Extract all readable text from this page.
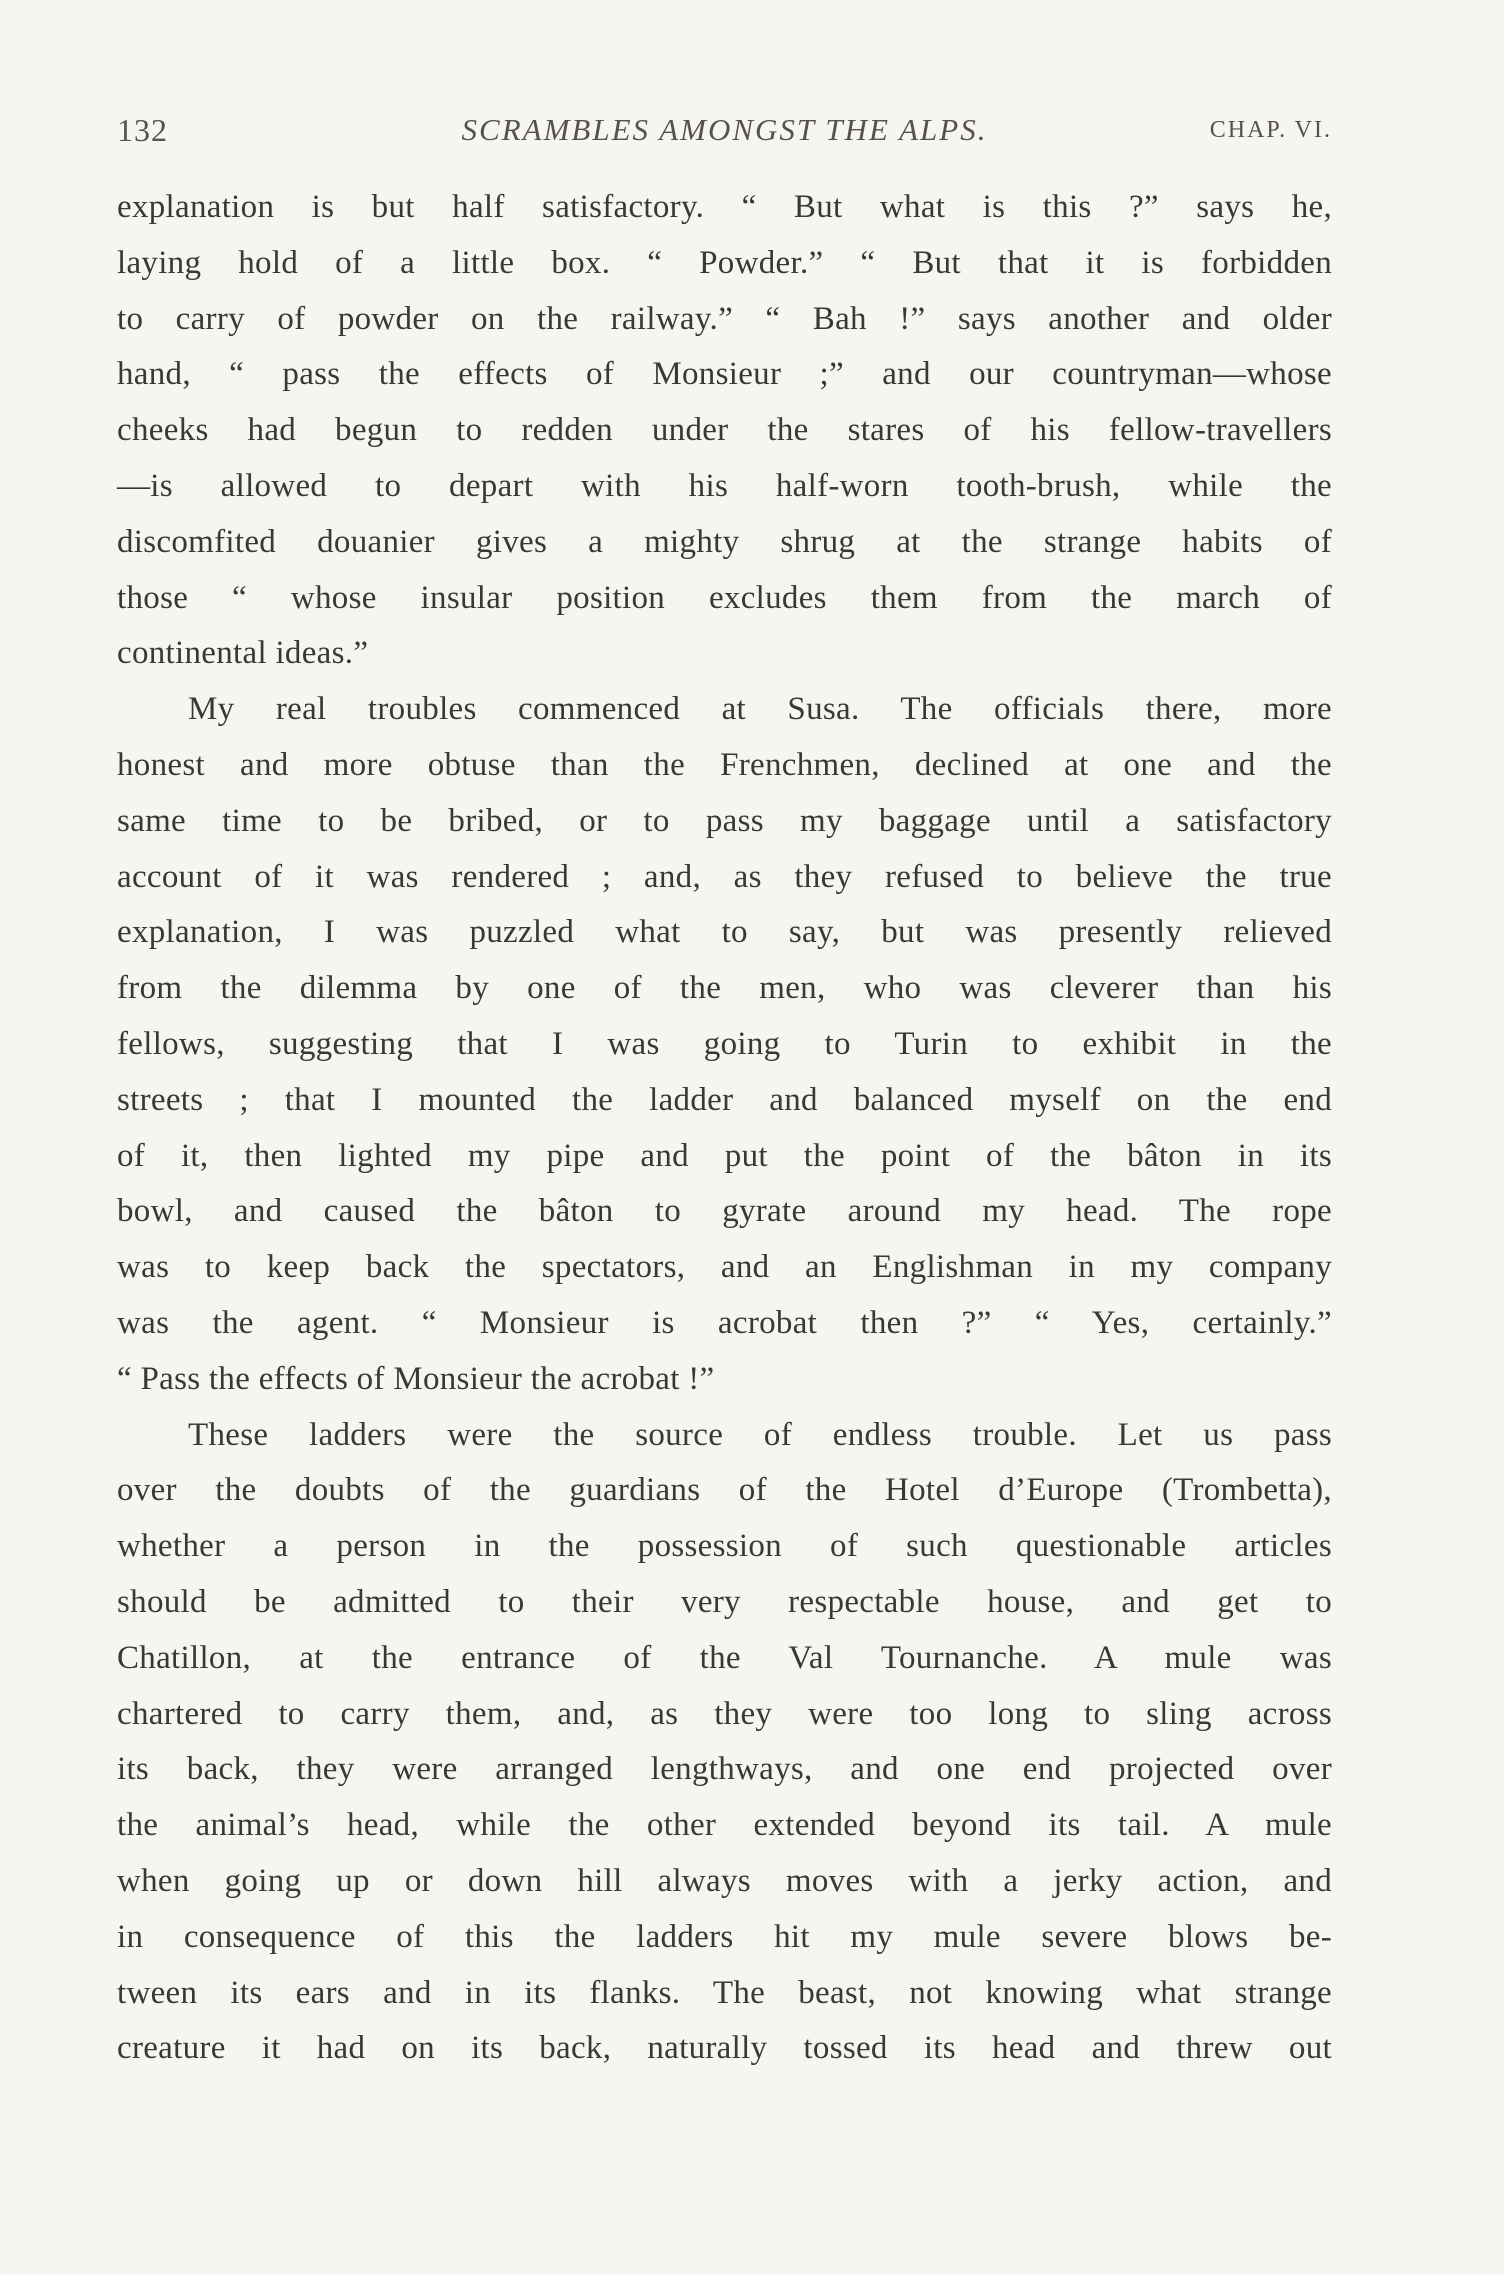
132	SCRAMBLES AMONGST THE ALPS.	CHAP. VI.
explanation is but half satisfactory. “ But what is this ?” says he,
laying hold of a little box. “ Powder.” “ But that it is forbidden
to carry of powder on the railway.” “ Bah !” says another and older
hand, “ pass the effects of Monsieur ;” and our countryman—whose
cheeks had begun to redden under the stares of his fellow-travellers
—is allowed to depart with his half-worn tooth-brush, while the
discomfited douanier gives a mighty shrug at the strange habits of
those “ whose insular position excludes them from the march of
continental ideas.”
My real troubles commenced at Susa. The officials there, more
honest and more obtuse than the Frenchmen, declined at one and the
same time to be bribed, or to pass my baggage until a satisfactory
account of it was rendered ; and, as they refused to believe the true
explanation, I was puzzled what to say, but was presently relieved
from the dilemma by one of the men, who was cleverer than his
fellows, suggesting that I was going to Turin to exhibit in the
streets ; that I mounted the ladder and balanced myself on the end
of it, then lighted my pipe and put the point of the bâton in its
bowl, and caused the bâton to gyrate around my head. The rope
was to keep back the spectators, and an Englishman in my company
was the agent. “ Monsieur is acrobat then ?” “ Yes, certainly.”
“ Pass the effects of Monsieur the acrobat !”
These ladders were the source of endless trouble. Let us pass
over the doubts of the guardians of the Hotel d’Europe (Trombetta),
whether a person in the possession of such questionable articles
should be admitted to their very respectable house, and get to
Chatillon, at the entrance of the Val Tournanche. A mule was
chartered to carry them, and, as they were too long to sling across
its back, they were arranged lengthways, and one end projected over
the animal’s head, while the other extended beyond its tail. A mule
when going up or down hill always moves with a jerky action, and
in consequence of this the ladders hit my mule severe blows be-
tween its ears and in its flanks. The beast, not knowing what strange
creature it had on its back, naturally tossed its head and threw out
